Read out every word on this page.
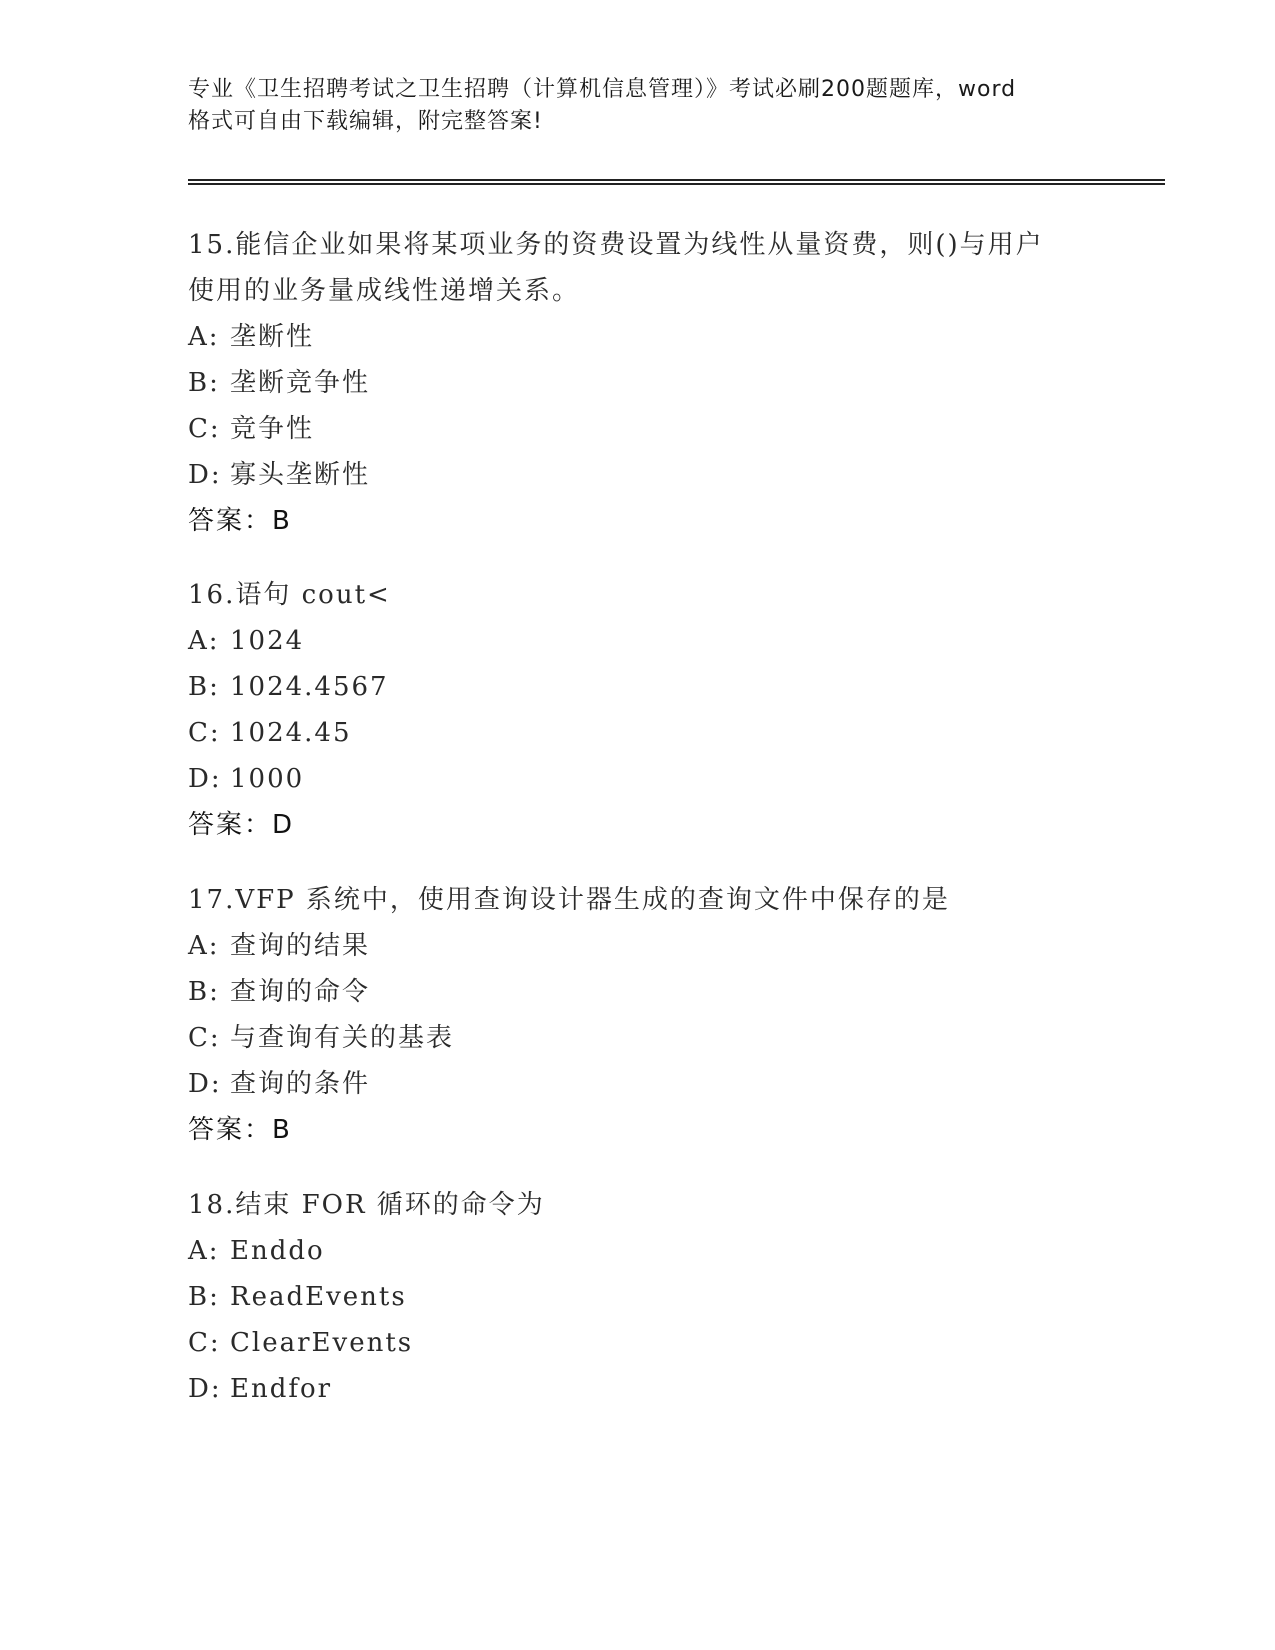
专业《卫生招聘考试之卫生招聘（计算机信息管理）》考试必刷200题题库，word
格式可自由下载编辑，附完整答案!
15.能信企业如果将某项业务的资费设置为线性从量资费，则()与用户
使用的业务量成线性递增关系。
A: 垄断性
B: 垄断竞争性
C: 竞争性
D: 寡头垄断性
答案：B
16.语句 cout<
A: 1024
B: 1024.4567
C: 1024.45
D: 1000
答案：D
17.VFP 系统中，使用查询设计器生成的查询文件中保存的是
A: 查询的结果
B: 查询的命令
C: 与查询有关的基表
D: 查询的条件
答案：B
18.结束 FOR 循环的命令为
A: Enddo
B: ReadEvents
C: ClearEvents
D: Endfor
